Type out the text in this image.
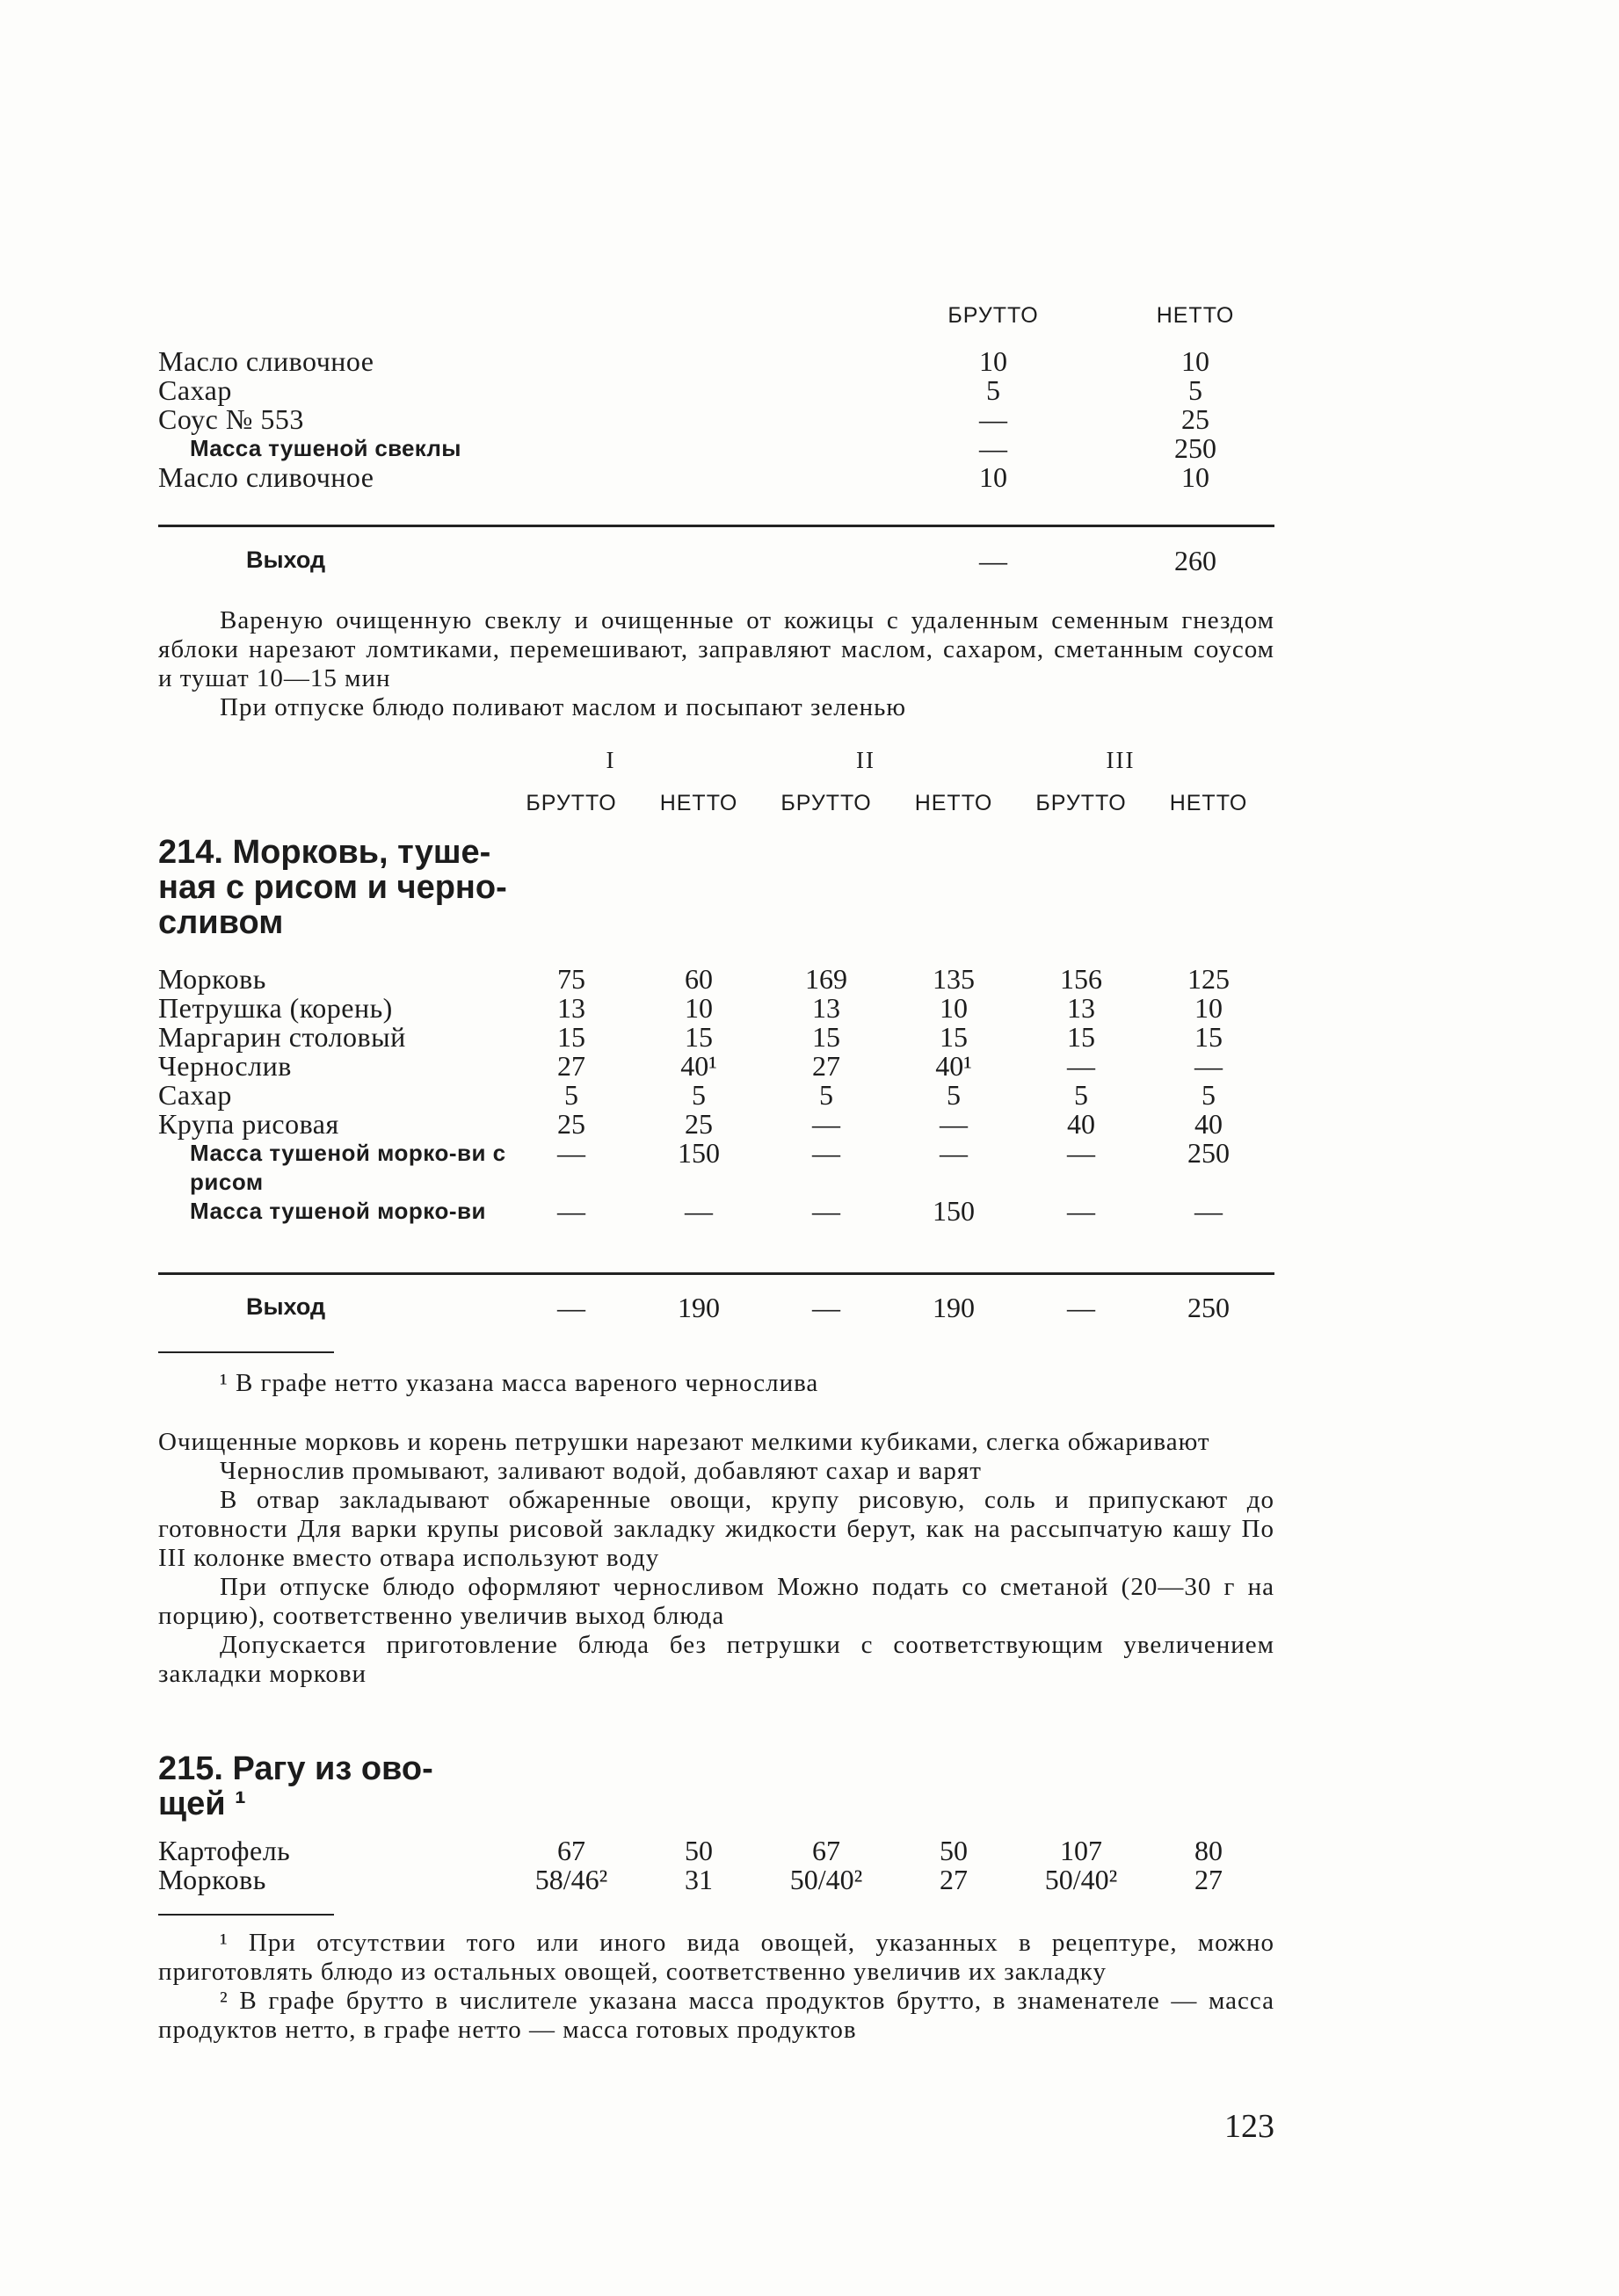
БРУТТО	НЕТТО
Масло сливочное	10	10
Сахар	5	5
Соус № 553	—	25
Масса тушеной свеклы	—	250
Масло сливочное	10	10
Выход	—	260

Вареную очищенную свеклу и очищенные от кожицы с удаленным семенным гнездом яблоки нарезают ломтиками, перемешивают, заправляют маслом, сахаром, сметанным соусом и тушат 10—15 мин

При отпуске блюдо поливают маслом и посыпают зеленью

I	II	III
БРУТТО	НЕТТО	БРУТТО	НЕТТО	БРУТТО	НЕТТО
214. Морковь, туше-
ная с рисом и черно-
сливом
Морковь	75	60	169	135	156	125
Петрушка (корень)	13	10	13	10	13	10
Маргарин столовый	15	15	15	15	15	15
Чернослив	27	40¹	27	40¹	—	—
Сахар	5	5	5	5	5	5
Крупа рисовая	25	25	—	—	40	40
Масса тушеной морко-ви с рисом
—	150	—	—	—	250
Масса тушеной морко-ви	—	—	—	150	—	—
Выход	—	190	—	190	—	250

¹ В графе нетто указана масса вареного чернослива

Очищенные морковь и корень петрушки нарезают мелкими кубиками, слегка обжаривают

Чернослив промывают, заливают водой, добавляют сахар и варят

В отвар закладывают обжаренные овощи, крупу рисовую, соль и припускают до готовности Для варки крупы рисовой закладку жидкости берут, как на рассыпчатую кашу По III колонке вместо отвара используют воду

При отпуске блюдо оформляют черносливом Можно подать со сметаной (20—30 г на порцию), соответственно увеличив выход блюда

Допускается приготовление блюда без петрушки с соответствующим увеличением закладки моркови

215. Рагу из ово-
щей ¹
Картофель	67	50	67	50	107	80
Морковь	58/46²	31	50/40²	27	50/40²	27

¹ При отсутствии того или иного вида овощей, указанных в рецептуре, можно приготовлять блюдо из остальных овощей, соответственно увеличив их закладку

² В графе брутто в числителе указана масса продуктов брутто, в знаменателе — масса продуктов нетто, в графе нетто — масса готовых продуктов

123
